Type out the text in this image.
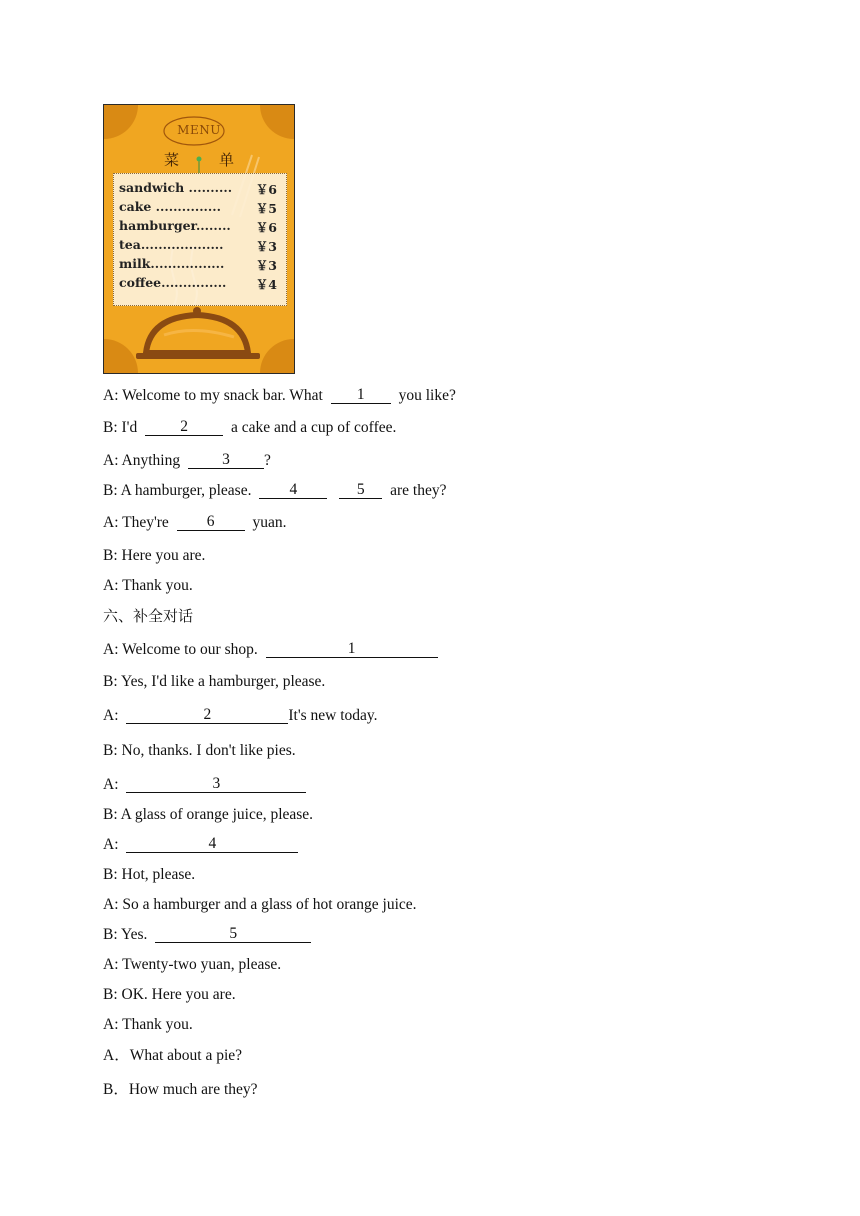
MENU
菜	单
sandwich .......... ￥6
cake ...............	￥5
hamburger........ ￥6
tea...................	￥3
milk.................	￥3
coffee............... ￥4
A: Welcome to my snack bar. What 1 you like?
B: I'd	2	a cake and a cup of coffee.
A: Anything	3 ?
B: A hamburger, please. 4	5 are they?
A: They're 6 yuan.
B: Here you are.
A: Thank you.
六、补全对话
A: Welcome to our shop.	1
B: Yes, I'd like a hamburger, please.
A:	2	It's new today.
B: No, thanks. I don't like pies.
A:	3
B: A glass of orange juice, please.
A:	4
B: Hot, please.
A: So a hamburger and a glass of hot orange juice.
B: Yes.	5
A: Twenty-two yuan, please.
B: OK. Here you are.
A: Thank you.
A．What about a pie?
B．How much are they?
